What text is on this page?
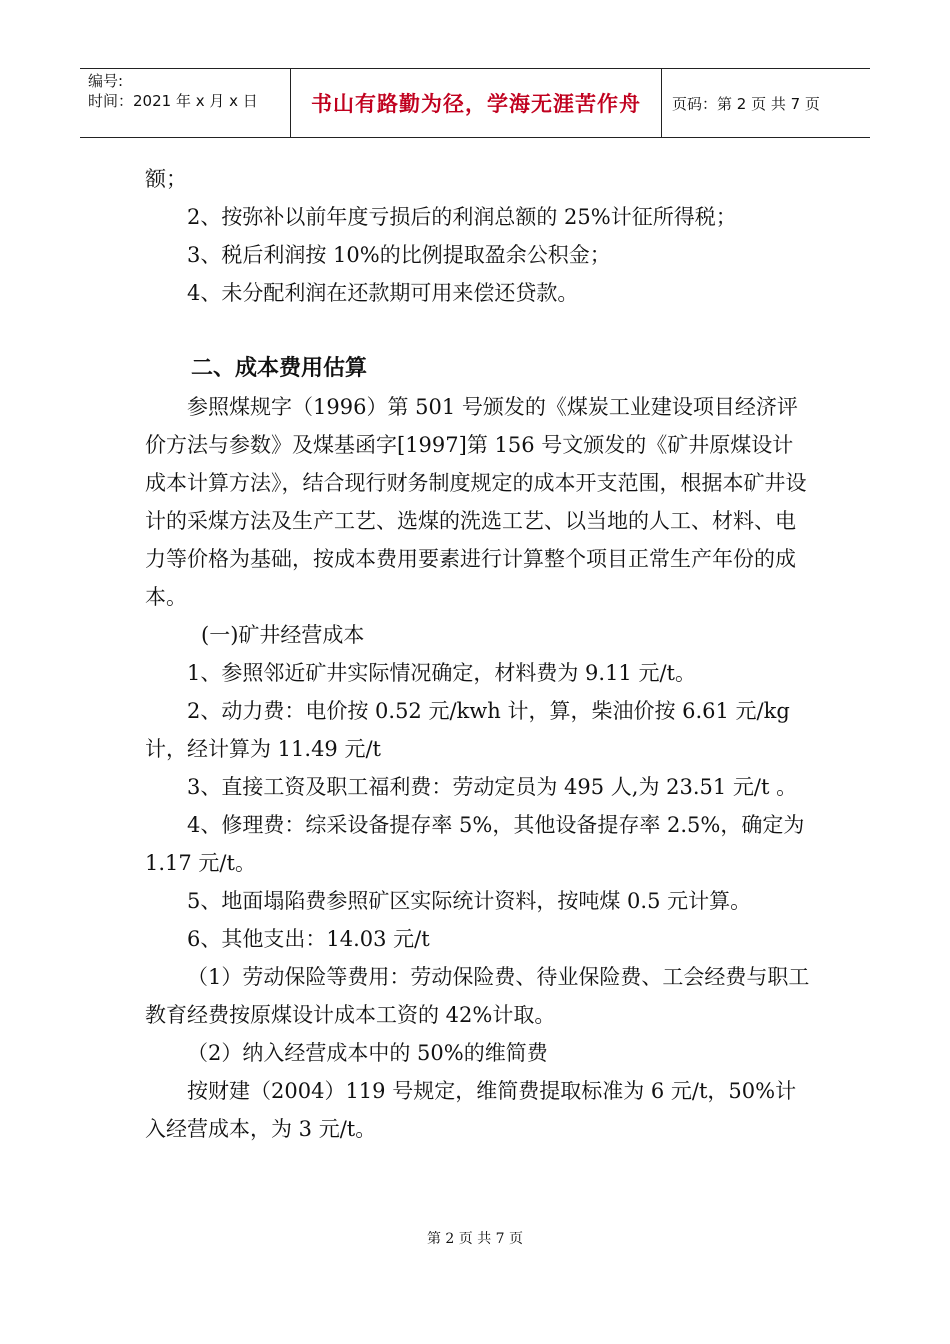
编号:
时间：2021 年 x 月 x 日	书山有路勤为径，学海无涯苦作舟	页码：第 2 页 共 7 页

额；

2、按弥补以前年度亏损后的利润总额的 25%计征所得税；

3、税后利润按 10%的比例提取盈余公积金；

4、未分配利润在还款期可用来偿还贷款。

二、成本费用估算

参照煤规字（1996）第 501 号颁发的《煤炭工业建设项目经济评价方法与参数》及煤基函字[1997]第 156 号文颁发的《矿井原煤设计成本计算方法》，结合现行财务制度规定的成本开支范围，根据本矿井设计的采煤方法及生产工艺、选煤的洗选工艺、以当地的人工、材料、电力等价格为基础，按成本费用要素进行计算整个项目正常生产年份的成本。

(一)矿井经营成本

1、参照邻近矿井实际情况确定，材料费为 9.11 元/t。

2、动力费：电价按 0.52 元/kwh 计，算，柴油价按 6.61 元/kg 计，经计算为 11.49 元/t

3、直接工资及职工福利费：劳动定员为 495 人,为 23.51 元/t 。

4、修理费：综采设备提存率 5%，其他设备提存率 2.5%，确定为 1.17 元/t。

5、地面塌陷费参照矿区实际统计资料，按吨煤 0.5 元计算。

6、其他支出：14.03 元/t

（1）劳动保险等费用：劳动保险费、待业保险费、工会经费与职工教育经费按原煤设计成本工资的 42%计取。

（2）纳入经营成本中的 50%的维简费

按财建（2004）119 号规定，维简费提取标准为 6 元/t，50%计入经营成本，为 3 元/t。

第 2 页 共 7 页
